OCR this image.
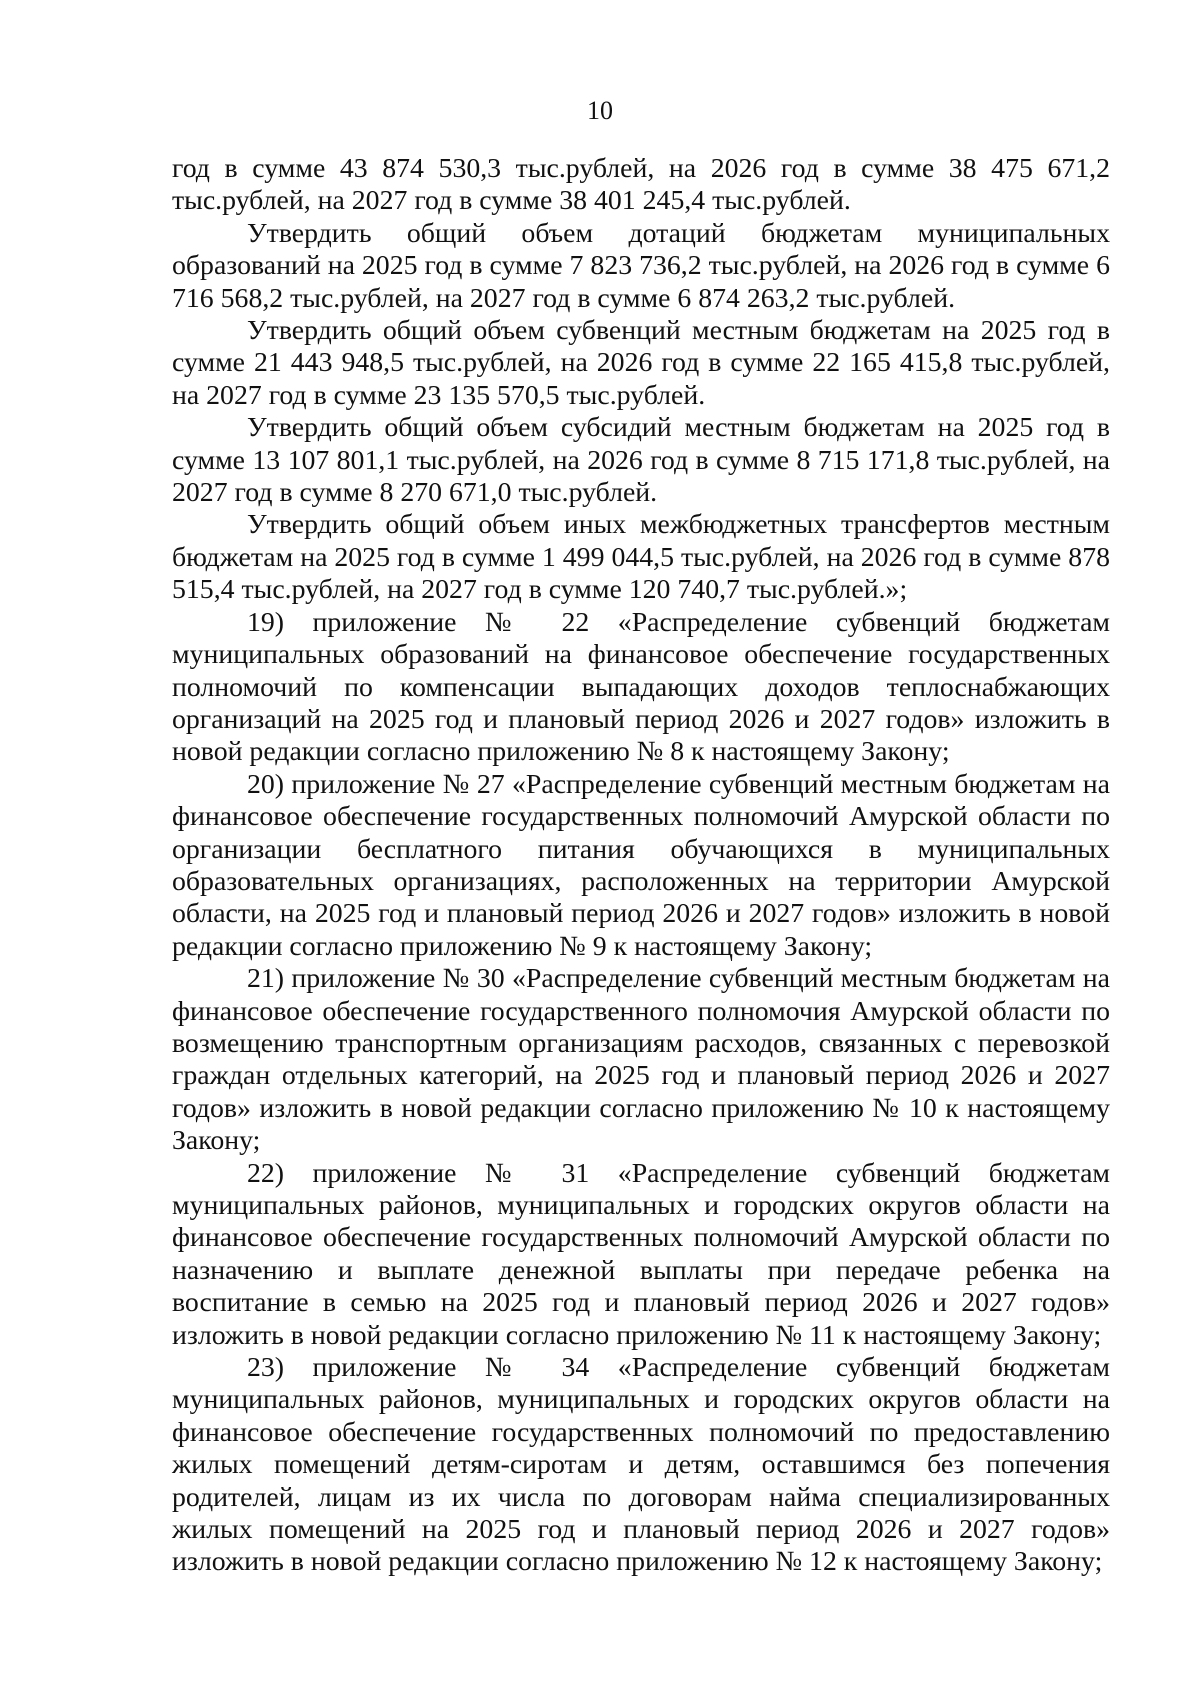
10

год в сумме 43 874 530,3 тыс.рублей, на 2026 год в сумме 38 475 671,2 тыс.рублей, на 2027 год в сумме 38 401 245,4 тыс.рублей.

Утвердить общий объем дотаций бюджетам муниципальных образований на 2025 год в сумме 7 823 736,2 тыс.рублей, на 2026 год в сумме 6 716 568,2 тыс.рублей, на 2027 год в сумме 6 874 263,2 тыс.рублей.

Утвердить общий объем субвенций местным бюджетам на 2025 год в сумме 21 443 948,5 тыс.рублей, на 2026 год в сумме 22 165 415,8 тыс.рублей, на 2027 год в сумме 23 135 570,5 тыс.рублей.

Утвердить общий объем субсидий местным бюджетам на 2025 год в сумме 13 107 801,1 тыс.рублей, на 2026 год в сумме 8 715 171,8 тыс.рублей, на 2027 год в сумме 8 270 671,0 тыс.рублей.

Утвердить общий объем иных межбюджетных трансфертов местным бюджетам на 2025 год в сумме 1 499 044,5 тыс.рублей, на 2026 год в сумме 878 515,4 тыс.рублей, на 2027 год в сумме 120 740,7 тыс.рублей.»;

19) приложение № 22 «Распределение субвенций бюджетам муниципальных образований на финансовое обеспечение государственных полномочий по компенсации выпадающих доходов теплоснабжающих организаций на 2025 год и плановый период 2026 и 2027 годов» изложить в новой редакции согласно приложению № 8 к настоящему Закону;

20) приложение № 27 «Распределение субвенций местным бюджетам на финансовое обеспечение государственных полномочий Амурской области по организации бесплатного питания обучающихся в муниципальных образовательных организациях, расположенных на территории Амурской области, на 2025 год и плановый период 2026 и 2027 годов» изложить в новой редакции согласно приложению № 9 к настоящему Закону;

21) приложение № 30 «Распределение субвенций местным бюджетам на финансовое обеспечение государственного полномочия Амурской области по возмещению транспортным организациям расходов, связанных с перевозкой граждан отдельных категорий, на 2025 год и плановый период 2026 и 2027 годов» изложить в новой редакции согласно приложению № 10 к настоящему Закону;

22) приложение № 31 «Распределение субвенций бюджетам муниципальных районов, муниципальных и городских округов области на финансовое обеспечение государственных полномочий Амурской области по назначению и выплате денежной выплаты при передаче ребенка на воспитание в семью на 2025 год и плановый период 2026 и 2027 годов» изложить в новой редакции согласно приложению № 11 к настоящему Закону;

23) приложение № 34 «Распределение субвенций бюджетам муниципальных районов, муниципальных и городских округов области на финансовое обеспечение государственных полномочий по предоставлению жилых помещений детям-сиротам и детям, оставшимся без попечения родителей, лицам из их числа по договорам найма специализированных жилых помещений на 2025 год и плановый период 2026 и 2027 годов» изложить в новой редакции согласно приложению № 12 к настоящему Закону;
